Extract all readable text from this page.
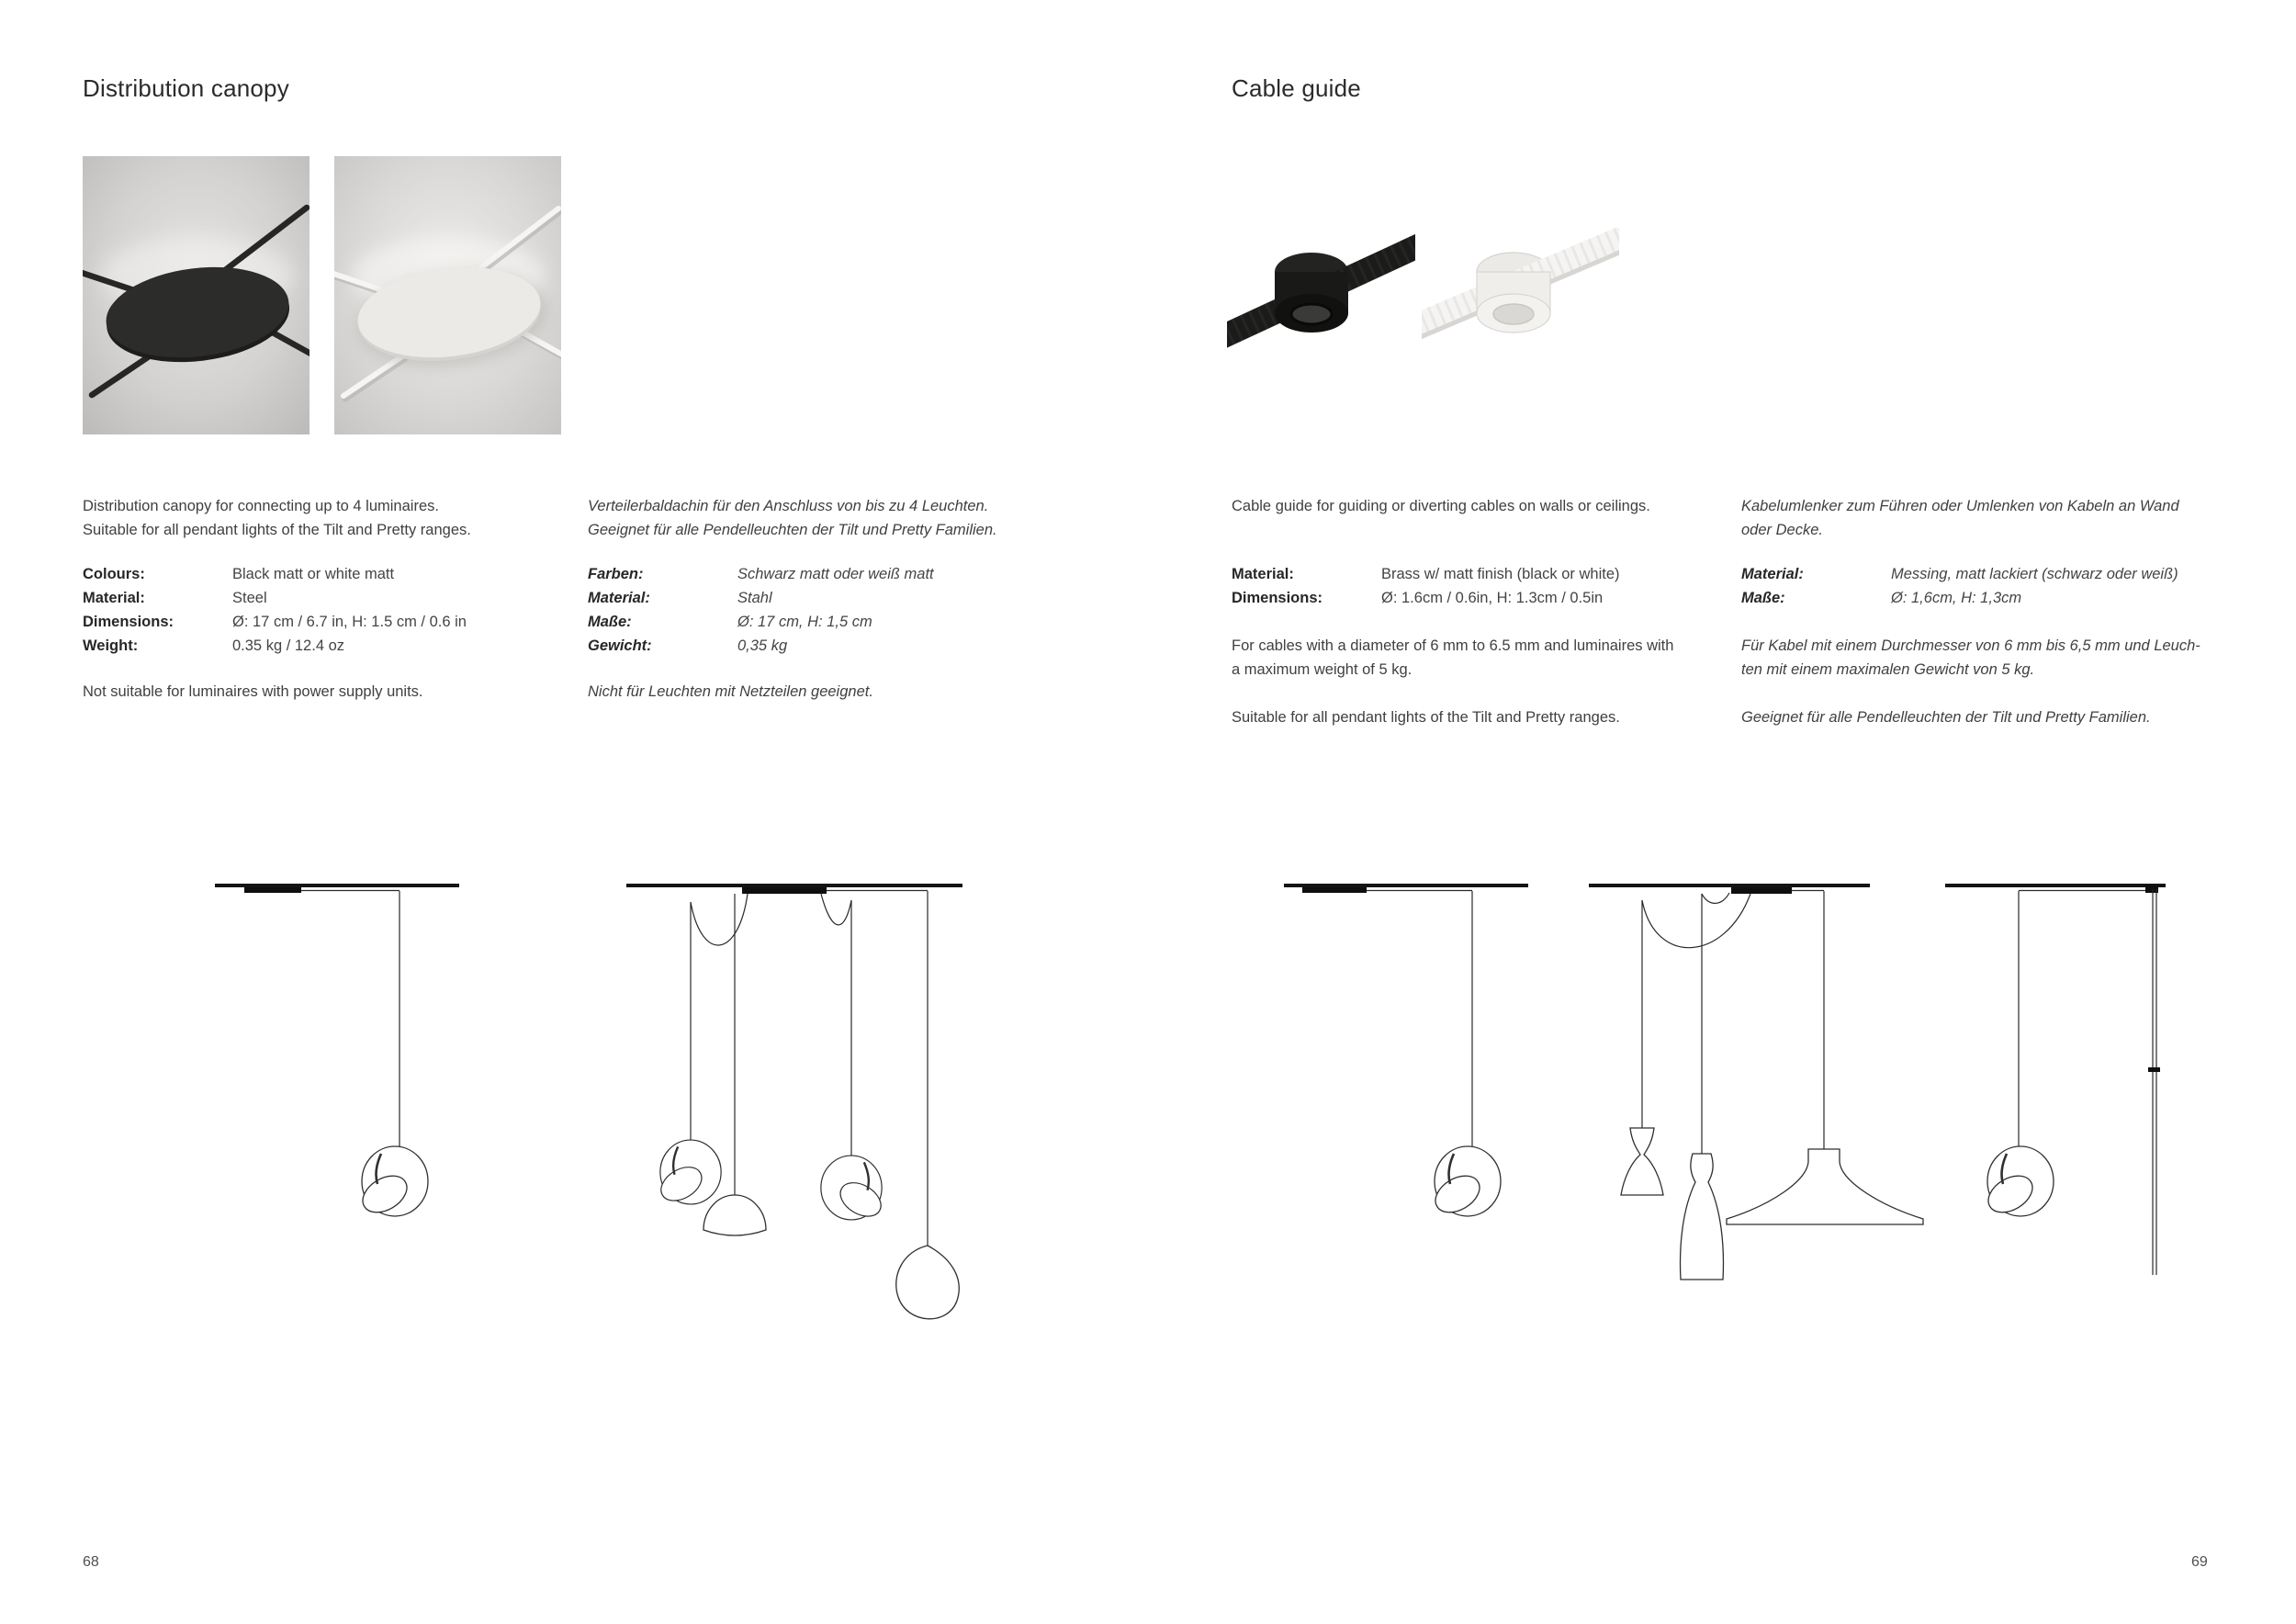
Distribution canopy	Cable guide
Distribution canopy for connecting up to 4 luminaires.
Suitable for all pendant lights of the Tilt and Pretty ranges.
Colours:	Black matt or white matt
Material:	Steel
Dimensions:	Ø: 17 cm / 6.7 in, H: 1.5 cm / 0.6 in
Weight:	0.35 kg / 12.4 oz
Not suitable for luminaires with power supply units.
Verteilerbaldachin für den Anschluss von bis zu 4 Leuchten.
Geeignet für alle Pendelleuchten der Tilt und Pretty Familien.
Farben:	Schwarz matt oder weiß matt
Material:	Stahl
Maße:	Ø: 17 cm, H: 1,5 cm
Gewicht:	0,35 kg
Nicht für Leuchten mit Netzteilen geeignet.
Cable guide for guiding or diverting cables on walls or ceilings.
Material:	Brass w/ matt finish (black or white)
Dimensions:	Ø: 1.6cm / 0.6in, H: 1.3cm / 0.5in
For cables with a diameter of 6 mm to 6.5 mm and luminaires with
a maximum weight of 5 kg.
Suitable for all pendant lights of the Tilt and Pretty ranges.
Kabelumlenker zum Führen oder Umlenken von Kabeln an Wand
oder Decke.
Material:	Messing, matt lackiert (schwarz oder weiß)
Maße:	Ø: 1,6cm, H: 1,3cm
Für Kabel mit einem Durchmesser von 6 mm bis 6,5 mm und Leuch-
ten mit einem maximalen Gewicht von 5 kg.
Geeignet für alle Pendelleuchten der Tilt und Pretty Familien.
68	69
